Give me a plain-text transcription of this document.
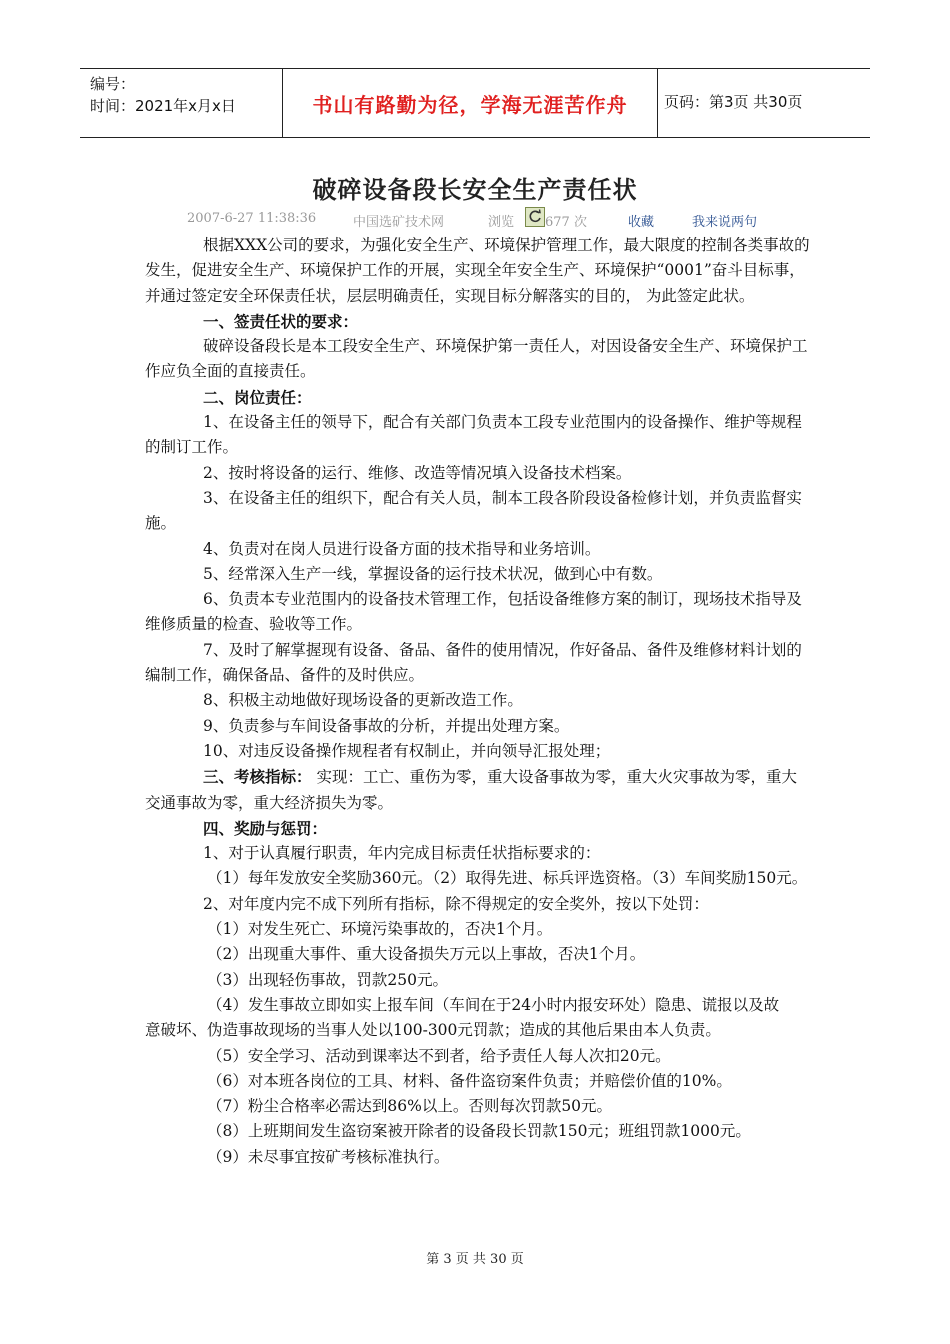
编号：
时间：2021年x月x日	书山有路勤为径，学海无涯苦作舟	页码：第3页 共30页
破碎设备段长安全生产责任状
2007-6-27 11:38:36	中国选矿技术网	浏览 677 次	收藏	我来说两句

根据XXX公司的要求，为强化安全生产、环境保护管理工作，最大限度的控制各类事故的发生，促进安全生产、环境保护工作的开展，实现全年安全生产、环境保护“0001”奋斗目标事，并通过签定安全环保责任状，层层明确责任，实现目标分解落实的目的， 为此签定此状。

一、签责任状的要求：

破碎设备段长是本工段安全生产、环境保护第一责任人，对因设备安全生产、环境保护工作应负全面的直接责任。

二、岗位责任：

1、在设备主任的领导下，配合有关部门负责本工段专业范围内的设备操作、维护等规程的制订工作。

2、按时将设备的运行、维修、改造等情况填入设备技术档案。

3、在设备主任的组织下，配合有关人员，制本工段各阶段设备检修计划，并负责监督实施。

4、负责对在岗人员进行设备方面的技术指导和业务培训。

5、经常深入生产一线，掌握设备的运行技术状况，做到心中有数。

6、负责本专业范围内的设备技术管理工作，包括设备维修方案的制订，现场技术指导及维修质量的检查、验收等工作。

7、及时了解掌握现有设备、备品、备件的使用情况，作好备品、备件及维修材料计划的编制工作，确保备品、备件的及时供应。

8、积极主动地做好现场设备的更新改造工作。

9、负责参与车间设备事故的分析，并提出处理方案。

10、对违反设备操作规程者有权制止，并向领导汇报处理；

三、考核指标： 实现：工亡、重伤为零，重大设备事故为零，重大火灾事故为零，重大交通事故为零，重大经济损失为零。

四、奖励与惩罚：

1、对于认真履行职责，年内完成目标责任状指标要求的：

（1）每年发放安全奖励360元。（2）取得先进、标兵评选资格。（3）车间奖励150元。

2、对年度内完不成下列所有指标，除不得规定的安全奖外，按以下处罚：

（1）对发生死亡、环境污染事故的，否决1个月。

（2）出现重大事件、重大设备损失万元以上事故，否决1个月。

（3）出现轻伤事故，罚款250元。

（4）发生事故立即如实上报车间（车间在于24小时内报安环处）隐患、谎报以及故

意破坏、伪造事故现场的当事人处以100-300元罚款；造成的其他后果由本人负责。

（5）安全学习、活动到课率达不到者，给予责任人每人次扣20元。

（6）对本班各岗位的工具、材料、备件盗窃案件负责；并赔偿价值的10%。

（7）粉尘合格率必需达到86%以上。否则每次罚款50元。

（8）上班期间发生盗窃案被开除者的设备段长罚款150元；班组罚款1000元。

（9）未尽事宜按矿考核标准执行。

第 3 页 共 30 页
